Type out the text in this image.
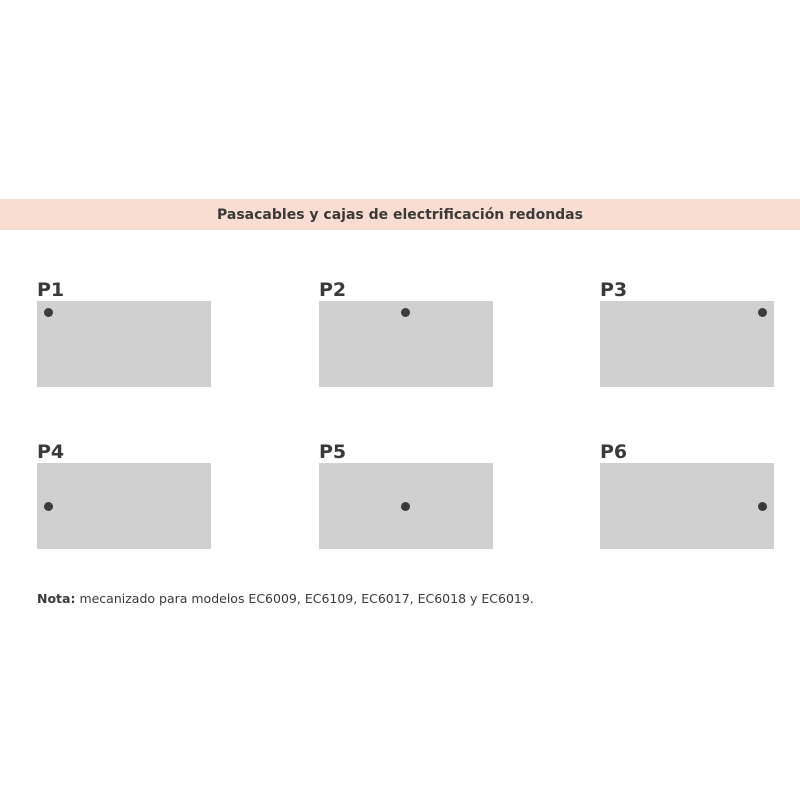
Pasacables y cajas de electrificación redondas
P1	P2	P3
P4	P5	P6
Nota: mecanizado para modelos EC6009, EC6109, EC6017, EC6018 y EC6019.
